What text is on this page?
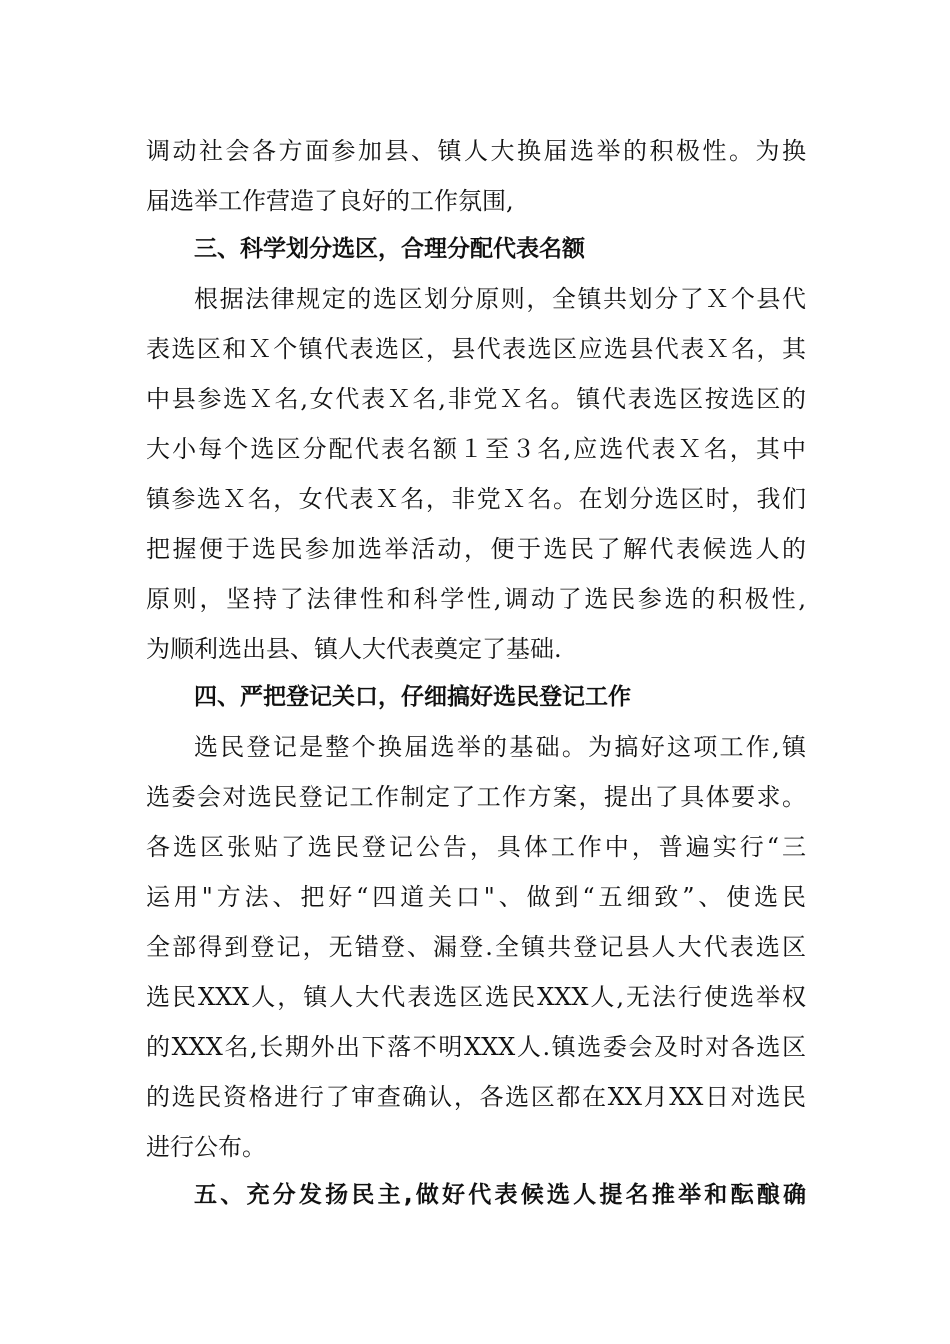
调动社会各方面参加县、镇人大换届选举的积极性。为换
届选举工作营造了良好的工作氛围,
三、科学划分选区，合理分配代表名额
根据法律规定的选区划分原则，全镇共划分了Ｘ个县代
表选区和Ｘ个镇代表选区，县代表选区应选县代表Ｘ名，其
中县参选Ｘ名,女代表Ｘ名,非党Ｘ名。镇代表选区按选区的
大小每个选区分配代表名额１至３名,应选代表Ｘ名，其中
镇参选Ｘ名，女代表Ｘ名，非党Ｘ名。在划分选区时，我们
把握便于选民参加选举活动，便于选民了解代表候选人的
原则，坚持了法律性和科学性,调动了选民参选的积极性,
为顺利选出县、镇人大代表奠定了基础.
四、严把登记关口，仔细搞好选民登记工作
选民登记是整个换届选举的基础。为搞好这项工作,镇
选委会对选民登记工作制定了工作方案，提出了具体要求。
各选区张贴了选民登记公告，具体工作中，普遍实行“三
运用"方法、把好“四道关口"、做到“五细致”、使选民
全部得到登记，无错登、漏登.全镇共登记县人大代表选区
选民XXX人，镇人大代表选区选民XXX人,无法行使选举权
的XXX名,长期外出下落不明XXX人.镇选委会及时对各选区
的选民资格进行了审查确认，各选区都在XX月XX日对选民
进行公布。
五、充分发扬民主,做好代表候选人提名推举和酝酿确
